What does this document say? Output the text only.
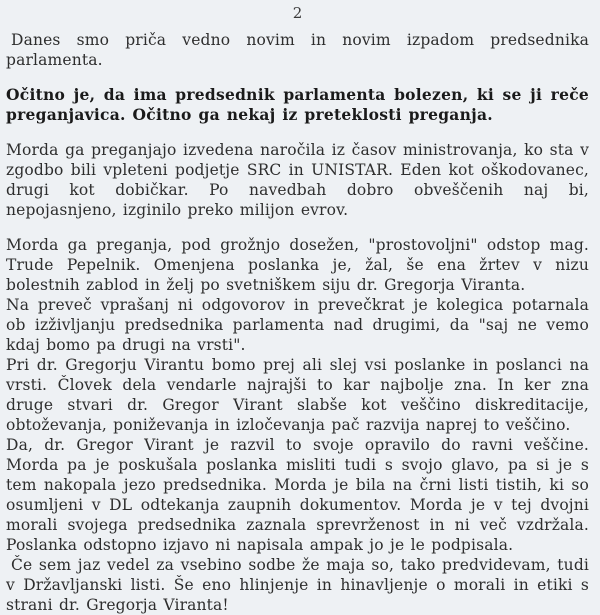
2

Danes smo priča vedno novim in novim izpadom predsednika parlamenta.

Očitno je, da ima predsednik parlamenta bolezen, ki se ji reče preganjavica. Očitno ga nekaj iz preteklosti preganja.

Morda ga preganjajo izvedena naročila iz časov ministrovanja, ko sta v zgodbo bili vpleteni podjetje SRC in UNISTAR. Eden kot oškodovanec, drugi kot dobičkar. Po navedbah dobro obveščenih naj bi, nepojasnjeno, izginilo preko milijon evrov.

Morda ga preganja, pod grožnjo dosežen, "prostovoljni" odstop mag. Trude Pepelnik. Omenjena poslanka je, žal, še ena žrtev v nizu bolestnih zablod in želj po svetniškem siju dr. Gregorja Viranta.

Na preveč vprašanj ni odgovorov in prevečkrat je kolegica potarnala ob izživljanju predsednika parlamenta nad drugimi, da "saj ne vemo kdaj bomo pa drugi na vrsti".

Pri dr. Gregorju Virantu bomo prej ali slej vsi poslanke in poslanci na vrsti. Človek dela vendarle najrajši to kar najbolje zna. In ker zna druge stvari dr. Gregor Virant slabše kot veščino diskreditacije, obtoževanja, poniževanja in izločevanja pač razvija naprej to veščino.

Da, dr. Gregor Virant je razvil to svoje opravilo do ravni veščine. Morda pa je poskušala poslanka misliti tudi s svojo glavo, pa si je s tem nakopala jezo predsednika. Morda je bila na črni listi tistih, ki so osumljeni v DL odtekanja zaupnih dokumentov. Morda je v tej dvojni morali svojega predsednika zaznala sprevrženost in ni več vzdržala. Poslanka odstopno izjavo ni napisala ampak jo je le podpisala.

Če sem jaz vedel za vsebino sodbe že maja so, tako predvidevam, tudi v Državljanski listi. Še eno hlinjenje in hinavljenje o morali in etiki s strani dr. Gregorja Viranta!
